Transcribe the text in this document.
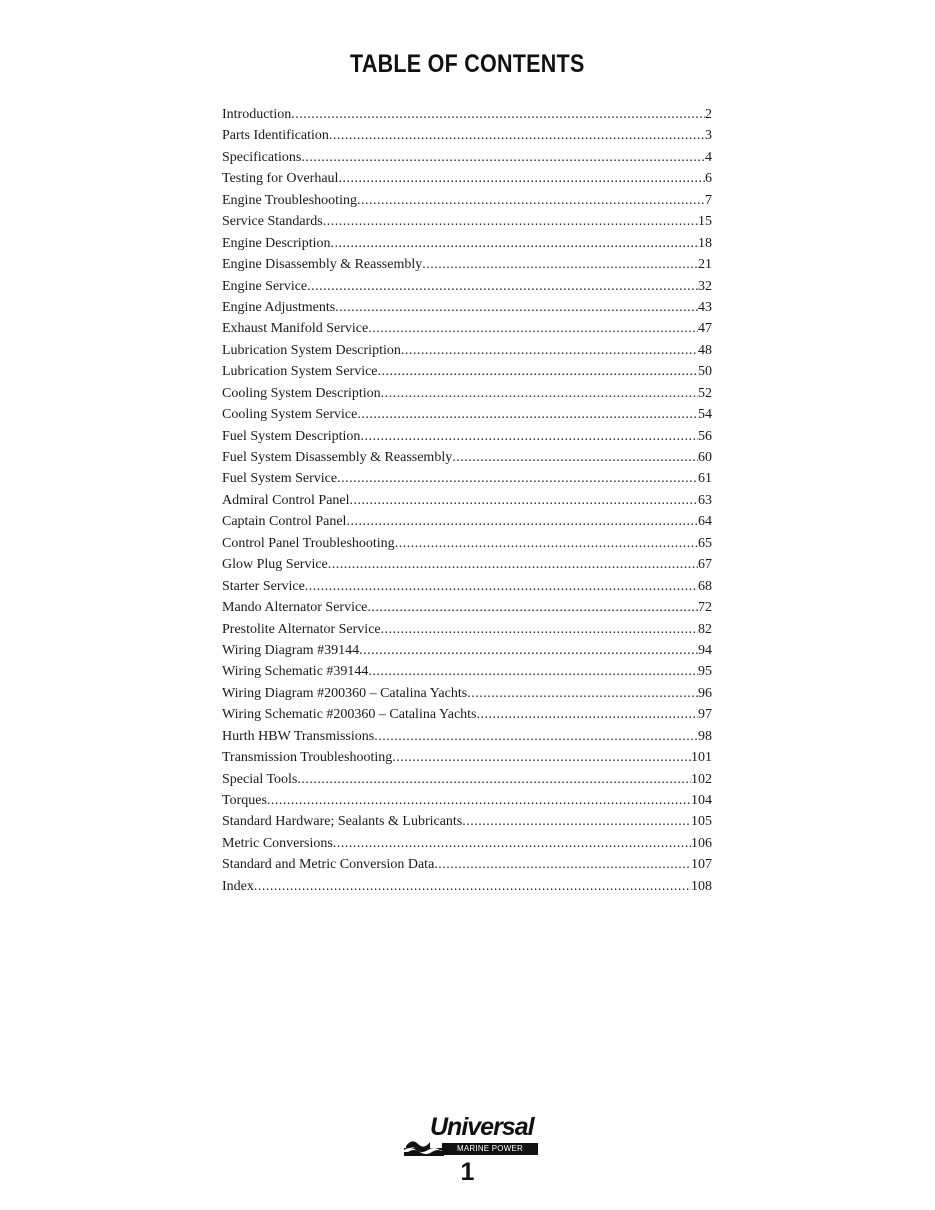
TABLE OF CONTENTS
Introduction .....	2
Parts Identification .....	3
Specifications .....	4
Testing for Overhaul .....	6
Engine Troubleshooting .....	7
Service Standards .....	15
Engine Description .....	18
Engine Disassembly & Reassembly .....	21
Engine Service .....	32
Engine Adjustments .....	43
Exhaust Manifold Service .....	47
Lubrication System Description .....	48
Lubrication System Service .....	50
Cooling System Description .....	52
Cooling System Service .....	54
Fuel System Description .....	56
Fuel System Disassembly & Reassembly .....	60
Fuel System Service .....	61
Admiral Control Panel .....	63
Captain Control Panel .....	64
Control Panel Troubleshooting .....	65
Glow Plug Service .....	67
Starter Service .....	68
Mando Alternator Service .....	72
Prestolite Alternator Service .....	82
Wiring Diagram #39144 .....	94
Wiring Schematic #39144 .....	95
Wiring Diagram #200360 – Catalina Yachts .....	96
Wiring Schematic #200360 – Catalina Yachts .....	97
Hurth HBW Transmissions .....	98
Transmission Troubleshooting .....	101
Special Tools .....	102
Torques .....	104
Standard Hardware; Sealants & Lubricants .....	105
Metric Conversions .....	106
Standard and Metric Conversion Data .....	107
Index .....	108
Universal
MARINE POWER
1
